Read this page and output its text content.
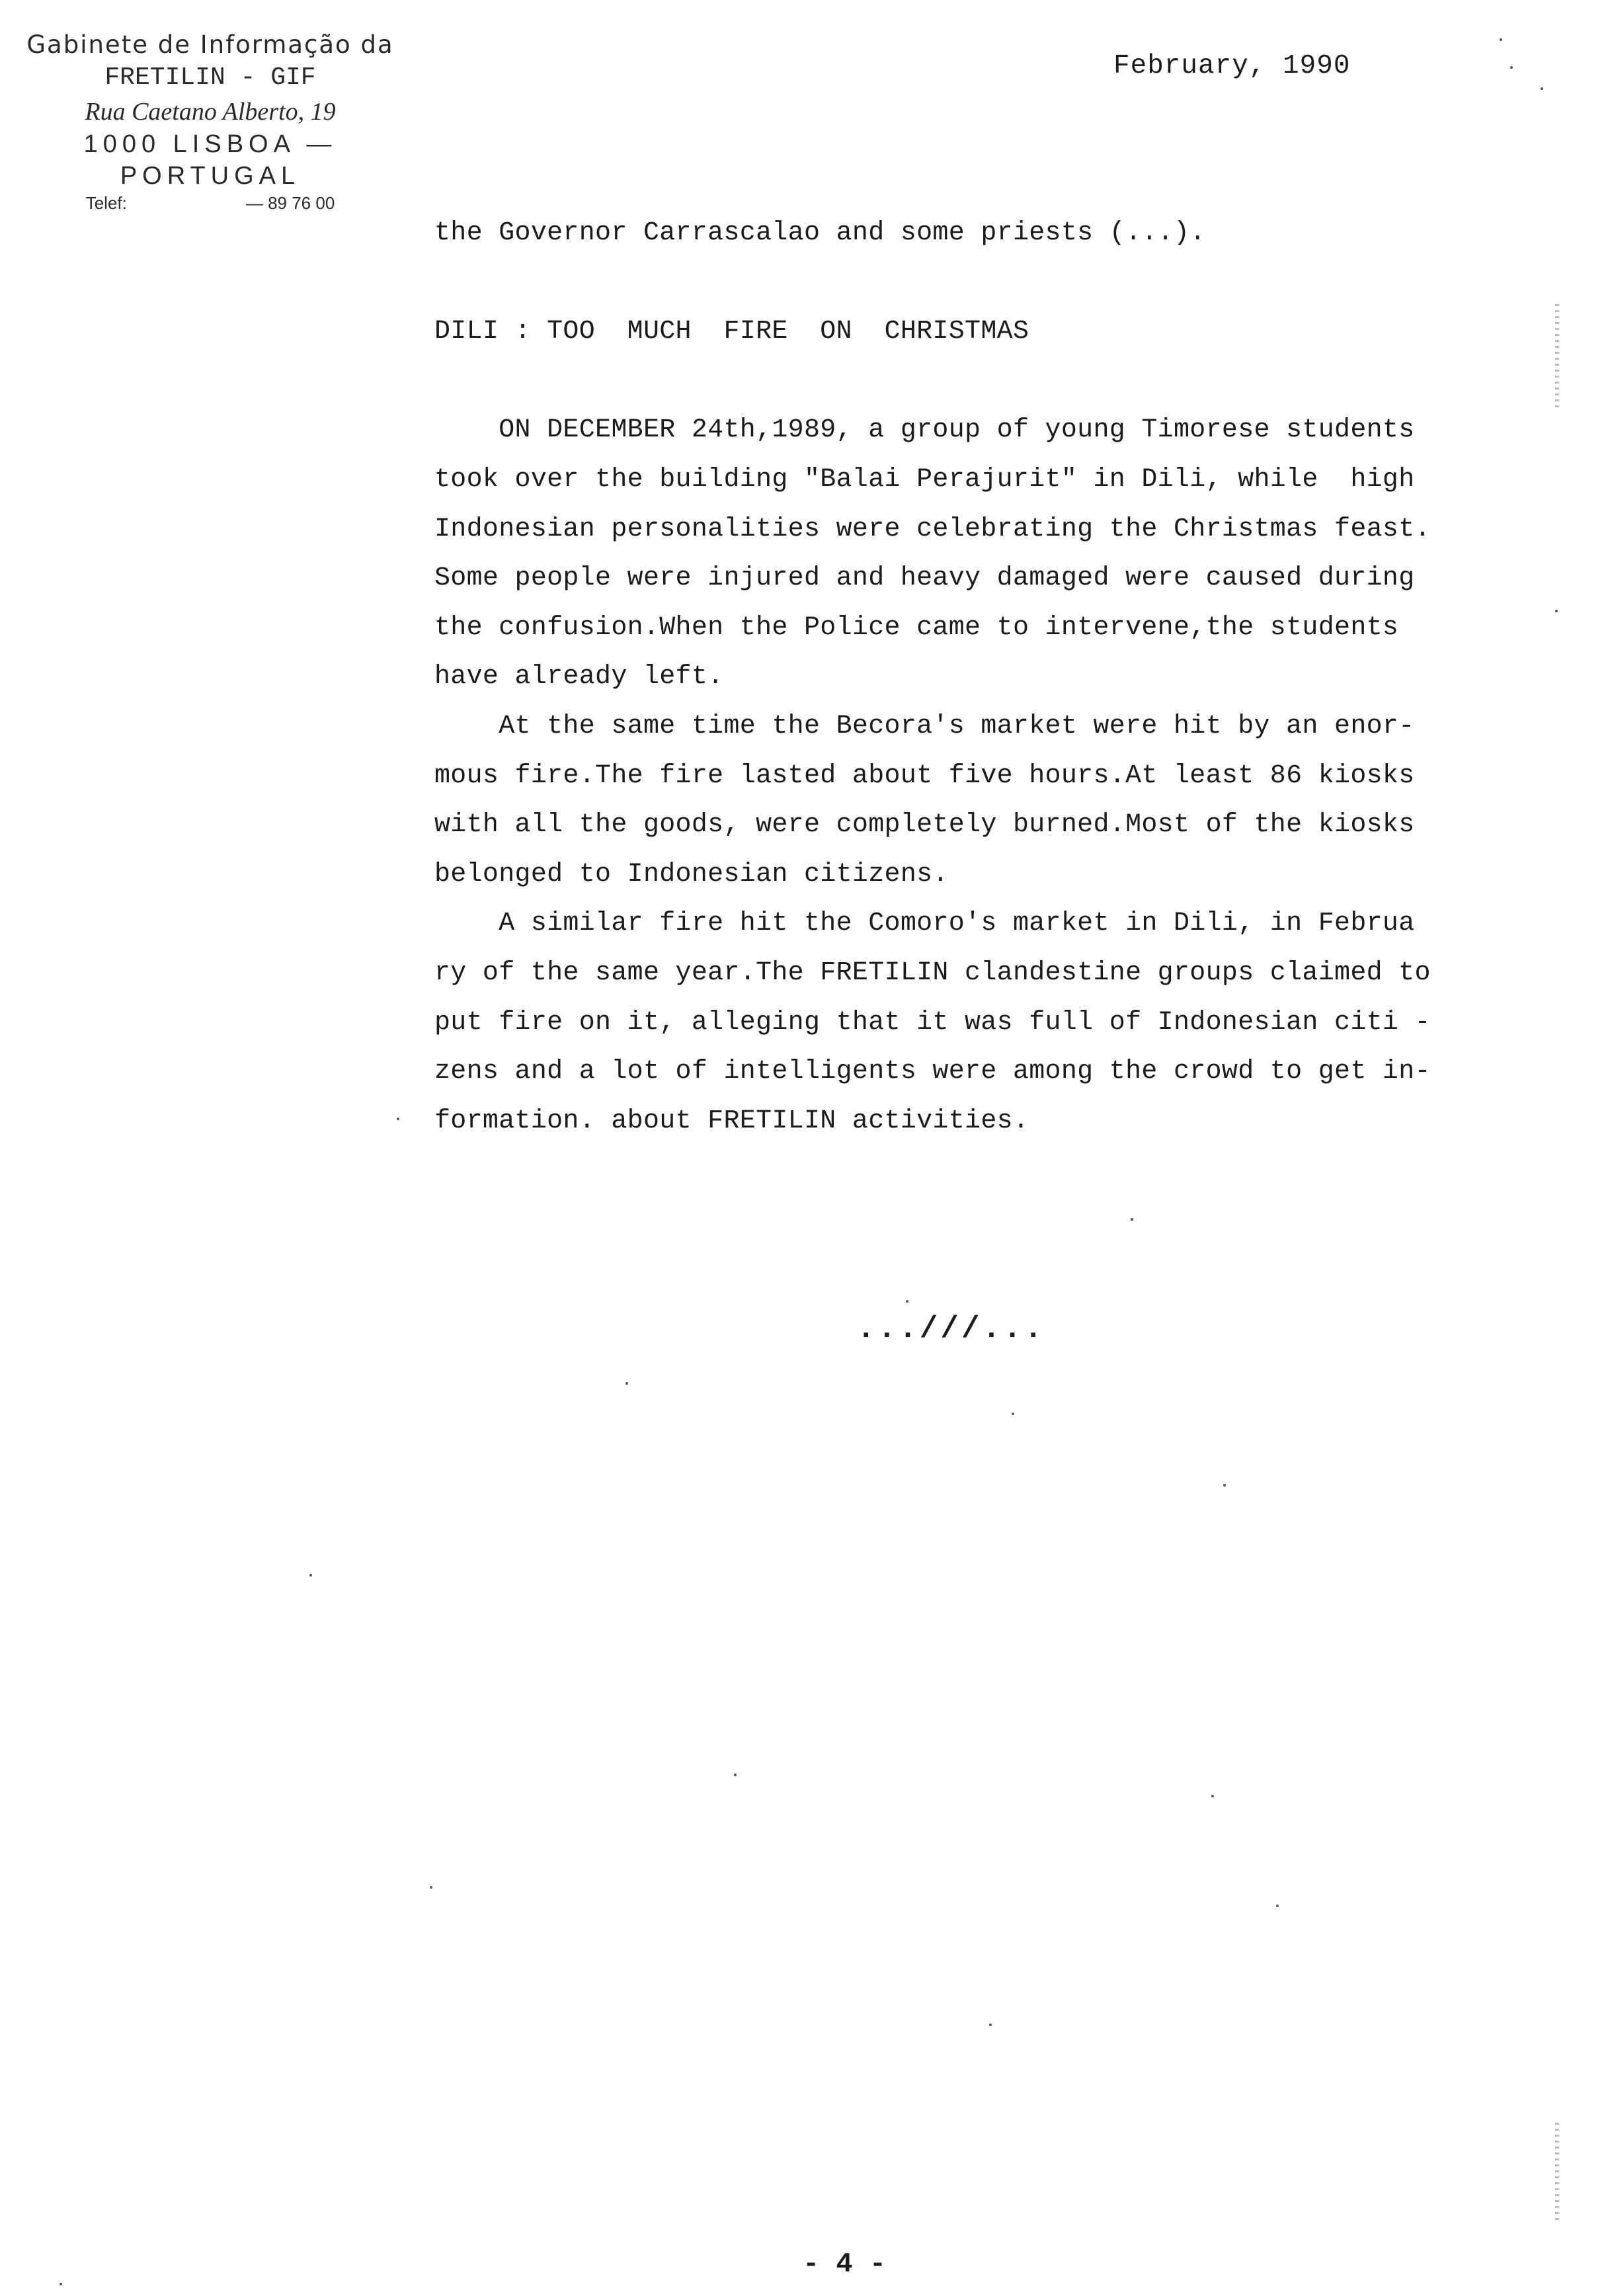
Gabinete de Informação da
FRETILIN - GIF
Rua Caetano Alberto, 19
1000 LISBOA — PORTUGAL
Telef:	— 89 76 00
February, 1990
the Governor Carrascalao and some priests (...).
DILI : TOO  MUCH  FIRE  ON  CHRISTMAS
ON DECEMBER 24th,1989, a group of young Timorese students
took over the building "Balai Perajurit" in Dili, while  high
Indonesian personalities were celebrating the Christmas feast.
Some people were injured and heavy damaged were caused during
the confusion.When the Police came to intervene,the students
have already left.
At the same time the Becora's market were hit by an enor-
mous fire.The fire lasted about five hours.At least 86 kiosks
with all the goods, were completely burned.Most of the kiosks
belonged to Indonesian citizens.
A similar fire hit the Comoro's market in Dili, in Februa
ry of the same year.The FRETILIN clandestine groups claimed to
put fire on it, alleging that it was full of Indonesian citi -
zens and a lot of intelligents were among the crowd to get in-
formation. about FRETILIN activities.
...///...
- 4 -
